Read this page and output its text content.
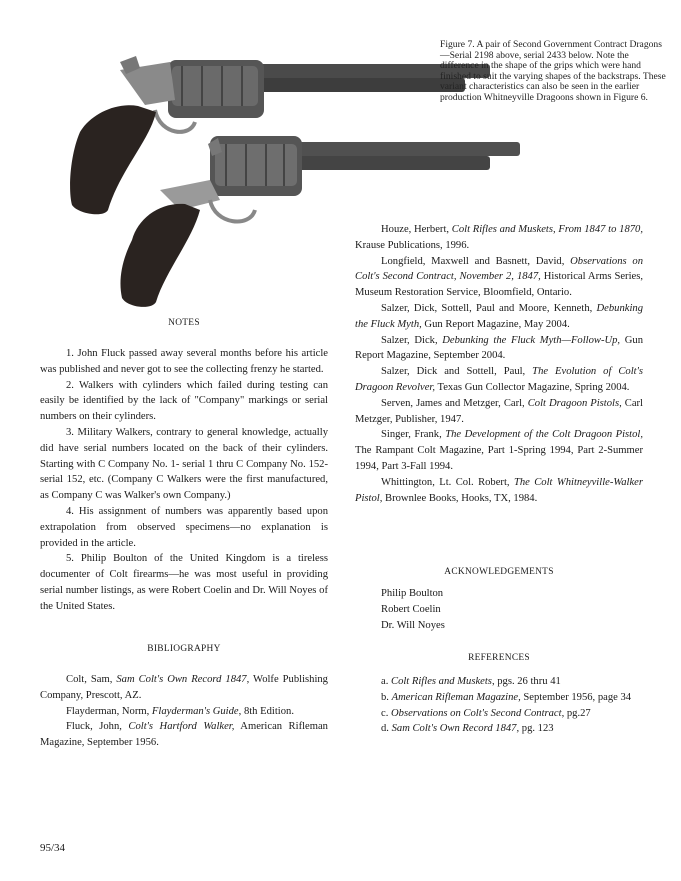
Figure 7. A pair of Second Government Contract Dragons—Serial 2198 above, serial 2433 below. Note the difference in the shape of the grips which were hand finished to suit the varying shapes of the backstraps. These variant characteristics can also be seen in the earlier production Whitneyville Dragoons shown in Figure 6.
NOTES

1. John Fluck passed away several months before his article was published and never got to see the collecting frenzy he started.

2. Walkers with cylinders which failed during testing can easily be identified by the lack of "Company" markings or serial numbers on their cylinders.

3. Military Walkers, contrary to general knowledge, actually did have serial numbers located on the back of their cylinders. Starting with C Company No. 1- serial 1 thru C Company No. 152-serial 152, etc. (Company C Walkers were the first manufactured, as Company C was Walker's own Company.)

4. His assignment of numbers was apparently based upon extrapolation from observed specimens—no explanation is provided in the article.

5. Philip Boulton of the United Kingdom is a tireless documenter of Colt firearms—he was most useful in providing serial number listings, as were Robert Coelin and Dr. Will Noyes of the United States.

BIBLIOGRAPHY

Colt, Sam, Sam Colt's Own Record 1847, Wolfe Publishing Company, Prescott, AZ.

Flayderman, Norm, Flayderman's Guide, 8th Edition.

Fluck, John, Colt's Hartford Walker, American Rifleman Magazine, September 1956.

Houze, Herbert, Colt Rifles and Muskets, From 1847 to 1870, Krause Publications, 1996.

Longfield, Maxwell and Basnett, David, Observations on Colt's Second Contract, November 2, 1847, Historical Arms Series, Museum Restoration Service, Bloomfield, Ontario.

Salzer, Dick, Sottell, Paul and Moore, Kenneth, Debunking the Fluck Myth, Gun Report Magazine, May 2004.

Salzer, Dick, Debunking the Fluck Myth—Follow-Up, Gun Report Magazine, September 2004.

Salzer, Dick and Sottell, Paul, The Evolution of Colt's Dragoon Revolver, Texas Gun Collector Magazine, Spring 2004.

Serven, James and Metzger, Carl, Colt Dragoon Pistols, Carl Metzger, Publisher, 1947.

Singer, Frank, The Development of the Colt Dragoon Pistol, The Rampant Colt Magazine, Part 1-Spring 1994, Part 2-Summer 1994, Part 3-Fall 1994.

Whittington, Lt. Col. Robert, The Colt Whitneyville-Walker Pistol, Brownlee Books, Hooks, TX, 1984.

ACKNOWLEDGEMENTS

Philip Boulton

Robert Coelin

Dr. Will Noyes

REFERENCES

a. Colt Rifles and Muskets, pgs. 26 thru 41

b. American Rifleman Magazine, September 1956, page 34

c. Observations on Colt's Second Contract, pg.27

d. Sam Colt's Own Record 1847, pg. 123

95/34
